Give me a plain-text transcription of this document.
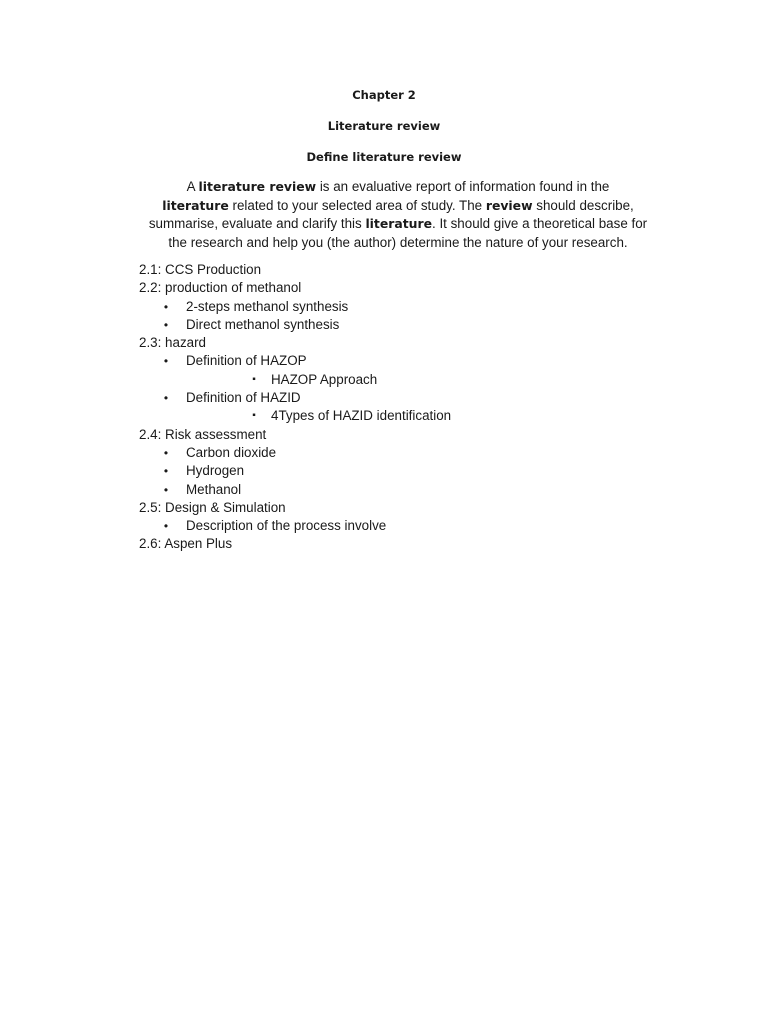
Chapter 2
Literature review
Define literature review
A literature review is an evaluative report of information found in the
literature related to your selected area of study. The review should describe, summarise, evaluate and clarify this literature. It should give a theoretical base for the research and help you (the author) determine the nature of your research.
2.1: CCS Production
2.2: production of methanol
•	2-steps methanol synthesis
•	Direct methanol synthesis
2.3: hazard
•	Definition of HAZOP
▪	HAZOP Approach
•	Definition of HAZID
▪	4Types of HAZID identification
2.4: Risk assessment
•	Carbon dioxide
•	Hydrogen
•	Methanol
2.5: Design & Simulation
•	Description of the process involve
2.6: Aspen Plus
